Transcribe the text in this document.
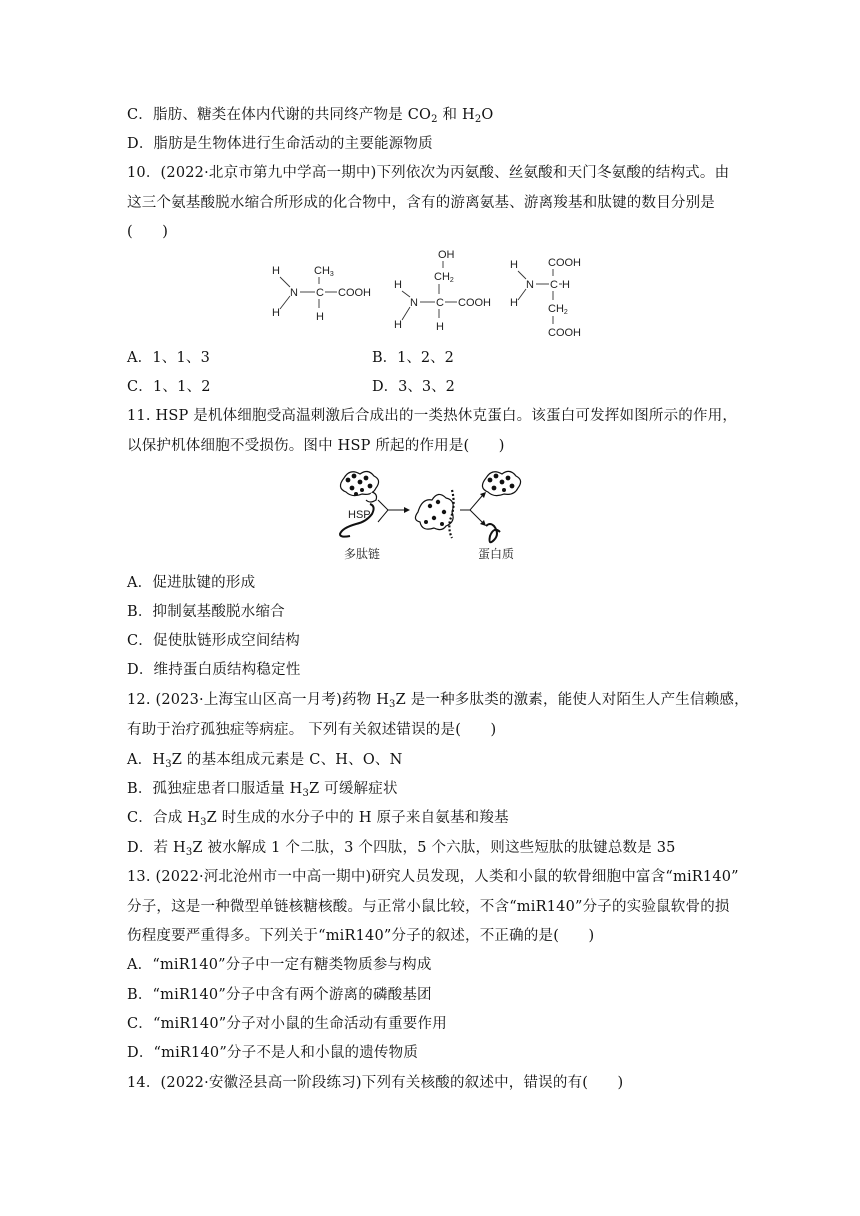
C．脂肪、糖类在体内代谢的共同终产物是 $CO_2$ 和 $H_2O$
D．脂肪是生物体进行生命活动的主要能源物质
10．(2022·北京市第九中学高一期中)下列依次为丙氨酸、丝氨酸和天门冬氨酸的结构式。由
这三个氨基酸脱水缩合所形成的化合物中，含有的游离氨基、游离羧基和肽键的数目分别是
(　　)
H
H
N C
CH3
H
COOH
OH
CH2
H
N C COOH
H	H
H
H
N C H
COOH
CH2
COOH
A．1、1、3	B．1、2、2
C．1、1、2	D．3、3、2
11. HSP 是机体细胞受高温刺激后合成出的一类热休克蛋白。该蛋白可发挥如图所示的作用，
以保护机体细胞不受损伤。图中 HSP 所起的作用是(　　)
HSP
多肽链	蛋白质
A．促进肽键的形成
B．抑制氨基酸脱水缩合
C．促使肽链形成空间结构
D．维持蛋白质结构稳定性
12. (2023·上海宝山区高一月考)药物 $H_3Z$ 是一种多肽类的激素，能使人对陌生人产生信赖感，
有助于治疗孤独症等病症。 下列有关叙述错误的是(　　)
A．$H_3Z$ 的基本组成元素是 C、H、O、N
B．孤独症患者口服适量 $H_3Z$ 可缓解症状
C．合成 $H_3Z$ 时生成的水分子中的 H 原子来自氨基和羧基
D．若 $H_3Z$ 被水解成 1 个二肽，3 个四肽，5 个六肽，则这些短肽的肽键总数是 35
13. (2022·河北沧州市一中高一期中)研究人员发现，人类和小鼠的软骨细胞中富含“miR140”
分子，这是一种微型单链核糖核酸。与正常小鼠比较，不含“miR140”分子的实验鼠软骨的损
伤程度要严重得多。下列关于“miR140”分子的叙述，不正确的是(　　)
A．“miR140”分子中一定有糖类物质参与构成
B．“miR140”分子中含有两个游离的磷酸基团
C．“miR140”分子对小鼠的生命活动有重要作用
D．“miR140”分子不是人和小鼠的遗传物质
14．(2022·安徽泾县高一阶段练习)下列有关核酸的叙述中，错误的有(　　)
